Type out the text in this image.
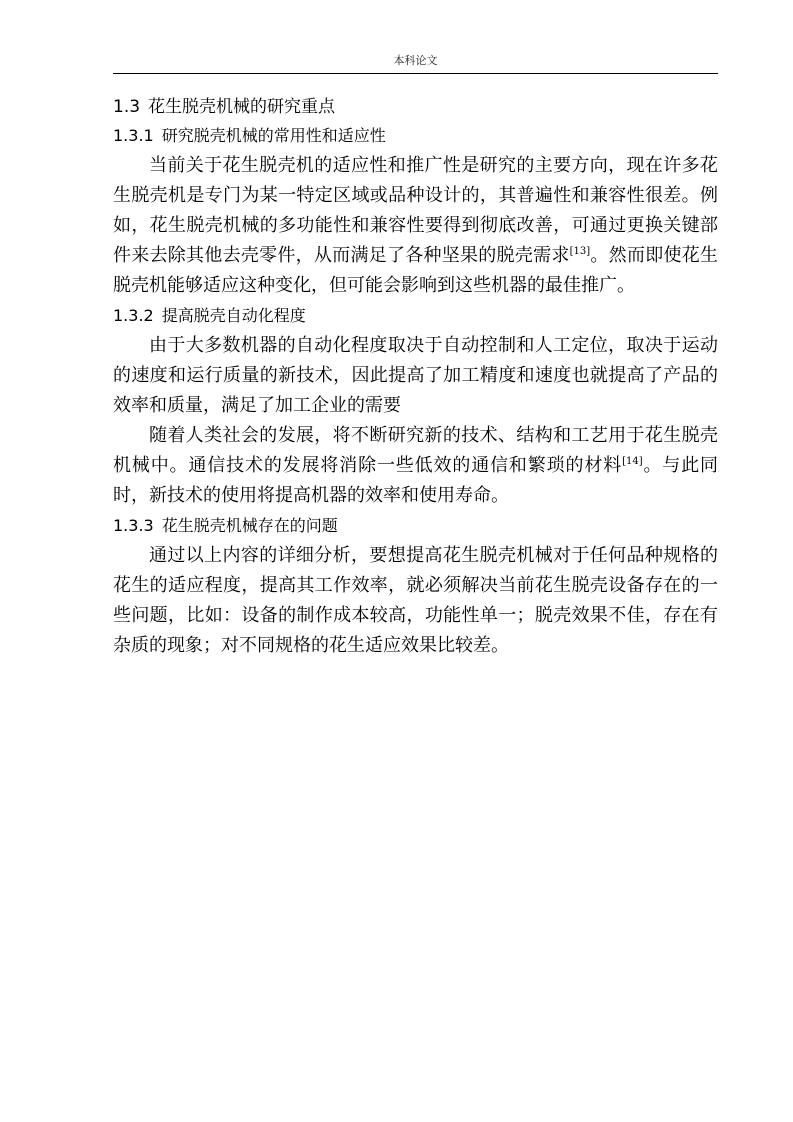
本科论文
1.3 花生脱壳机械的研究重点
1.3.1 研究脱壳机械的常用性和适应性

当前关于花生脱壳机的适应性和推广性是研究的主要方向，现在许多花生脱壳机是专门为某一特定区域或品种设计的，其普遍性和兼容性很差。例如，花生脱壳机械的多功能性和兼容性要得到彻底改善，可通过更换关键部件来去除其他去壳零件，从而满足了各种坚果的脱壳需求[13]。然而即使花生脱壳机能够适应这种变化，但可能会影响到这些机器的最佳推广。

1.3.2 提高脱壳自动化程度

由于大多数机器的自动化程度取决于自动控制和人工定位，取决于运动的速度和运行质量的新技术，因此提高了加工精度和速度也就提高了产品的效率和质量，满足了加工企业的需要

随着人类社会的发展，将不断研究新的技术、结构和工艺用于花生脱壳机械中。通信技术的发展将消除一些低效的通信和繁琐的材料[14]。与此同时，新技术的使用将提高机器的效率和使用寿命。

1.3.3 花生脱壳机械存在的问题

通过以上内容的详细分析，要想提高花生脱壳机械对于任何品种规格的花生的适应程度，提高其工作效率，就必须解决当前花生脱壳设备存在的一些问题，比如：设备的制作成本较高，功能性单一；脱壳效果不佳，存在有杂质的现象；对不同规格的花生适应效果比较差。
